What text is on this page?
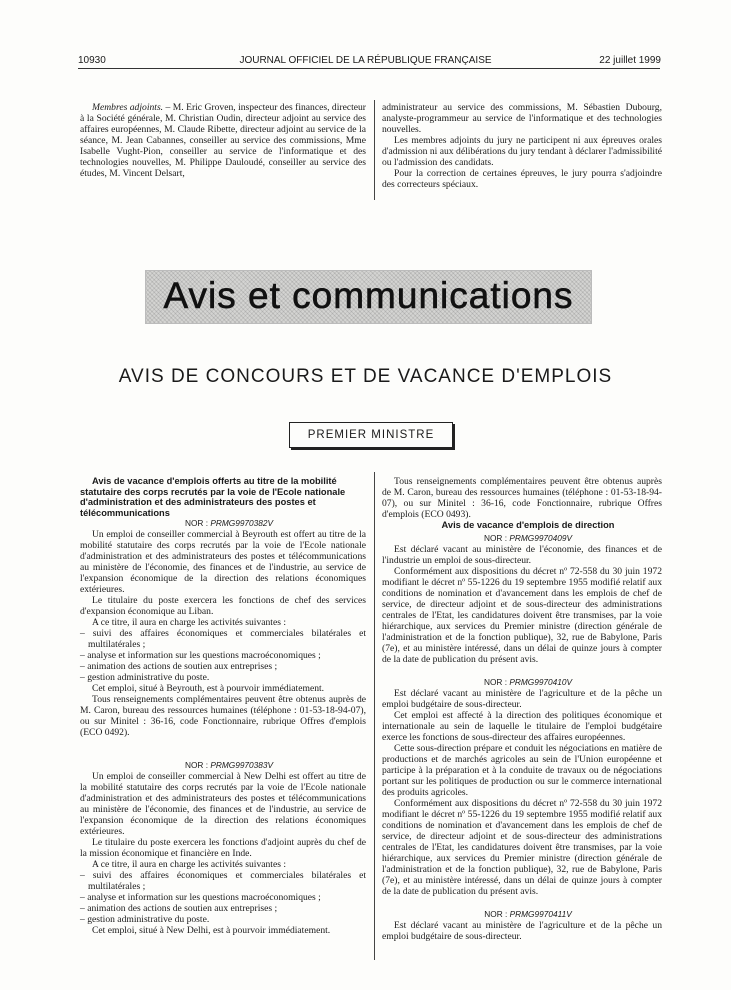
10930	JOURNAL OFFICIEL DE LA RÉPUBLIQUE FRANÇAISE	22 juillet 1999

Membres adjoints. – M. Eric Groven, inspecteur des finances, directeur à la Société générale, M. Christian Oudin, directeur adjoint au service des affaires européennes, M. Claude Ribette, directeur adjoint au service de la séance, M. Jean Cabannes, conseiller au service des commissions, Mme Isabelle Vught-Pion, conseiller au service de l'informatique et des technologies nouvelles, M. Philippe Dauloudé, conseiller au service des études, M. Vincent Delsart,

administrateur au service des commissions, M. Sébastien Dubourg, analyste-programmeur au service de l'informatique et des technologies nouvelles.

Les membres adjoints du jury ne participent ni aux épreuves orales d'admission ni aux délibérations du jury tendant à déclarer l'admissibilité ou l'admission des candidats.

Pour la correction de certaines épreuves, le jury pourra s'adjoindre des correcteurs spéciaux.

Avis et communications
AVIS DE CONCOURS ET DE VACANCE D'EMPLOIS
PREMIER MINISTRE

Avis de vacance d'emplois offerts au titre de la mobilité statutaire des corps recrutés par la voie de l'Ecole nationale d'administration et des administrateurs des postes et télécommunications

NOR : PRMG9970382V

Un emploi de conseiller commercial à Beyrouth est offert au titre de la mobilité statutaire des corps recrutés par la voie de l'Ecole nationale d'administration et des administrateurs des postes et télécommunications au ministère de l'économie, des finances et de l'industrie, au service de l'expansion économique de la direction des relations économiques extérieures.

Le titulaire du poste exercera les fonctions de chef des services d'expansion économique au Liban.

A ce titre, il aura en charge les activités suivantes :

– suivi des affaires économiques et commerciales bilatérales et multilatérales ;

– analyse et information sur les questions macroéconomiques ;

– animation des actions de soutien aux entreprises ;

– gestion administrative du poste.

Cet emploi, situé à Beyrouth, est à pourvoir immédiatement.

Tous renseignements complémentaires peuvent être obtenus auprès de M. Caron, bureau des ressources humaines (téléphone : 01-53-18-94-07), ou sur Minitel : 36-16, code Fonctionnaire, rubrique Offres d'emplois (ECO 0492).

NOR : PRMG9970383V

Un emploi de conseiller commercial à New Delhi est offert au titre de la mobilité statutaire des corps recrutés par la voie de l'Ecole nationale d'administration et des administrateurs des postes et télécommunications au ministère de l'économie, des finances et de l'industrie, au service de l'expansion économique de la direction des relations économiques extérieures.

Le titulaire du poste exercera les fonctions d'adjoint auprès du chef de la mission économique et financière en Inde.

A ce titre, il aura en charge les activités suivantes :

– suivi des affaires économiques et commerciales bilatérales et multilatérales ;

– analyse et information sur les questions macroéconomiques ;

– animation des actions de soutien aux entreprises ;

– gestion administrative du poste.

Cet emploi, situé à New Delhi, est à pourvoir immédiatement.

Tous renseignements complémentaires peuvent être obtenus auprès de M. Caron, bureau des ressources humaines (téléphone : 01-53-18-94-07), ou sur Minitel : 36-16, code Fonctionnaire, rubrique Offres d'emplois (ECO 0493).

Avis de vacance d'emplois de direction

NOR : PRMG9970409V

Est déclaré vacant au ministère de l'économie, des finances et de l'industrie un emploi de sous-directeur.

Conformément aux dispositions du décret nº 72-558 du 30 juin 1972 modifiant le décret nº 55-1226 du 19 septembre 1955 modifié relatif aux conditions de nomination et d'avancement dans les emplois de chef de service, de directeur adjoint et de sous-directeur des administrations centrales de l'Etat, les candidatures doivent être transmises, par la voie hiérarchique, aux services du Premier ministre (direction générale de l'administration et de la fonction publique), 32, rue de Babylone, Paris (7e), et au ministère intéressé, dans un délai de quinze jours à compter de la date de publication du présent avis.

NOR : PRMG9970410V

Est déclaré vacant au ministère de l'agriculture et de la pêche un emploi budgétaire de sous-directeur.

Cet emploi est affecté à la direction des politiques économique et internationale au sein de laquelle le titulaire de l'emploi budgétaire exerce les fonctions de sous-directeur des affaires européennes.

Cette sous-direction prépare et conduit les négociations en matière de productions et de marchés agricoles au sein de l'Union européenne et participe à la préparation et à la conduite de travaux ou de négociations portant sur les politiques de production ou sur le commerce international des produits agricoles.

Conformément aux dispositions du décret nº 72-558 du 30 juin 1972 modifiant le décret nº 55-1226 du 19 septembre 1955 modifié relatif aux conditions de nomination et d'avancement dans les emplois de chef de service, de directeur adjoint et de sous-directeur des administrations centrales de l'Etat, les candidatures doivent être transmises, par la voie hiérarchique, aux services du Premier ministre (direction générale de l'administration et de la fonction publique), 32, rue de Babylone, Paris (7e), et au ministère intéressé, dans un délai de quinze jours à compter de la date de publication du présent avis.

NOR : PRMG9970411V

Est déclaré vacant au ministère de l'agriculture et de la pêche un emploi budgétaire de sous-directeur.
